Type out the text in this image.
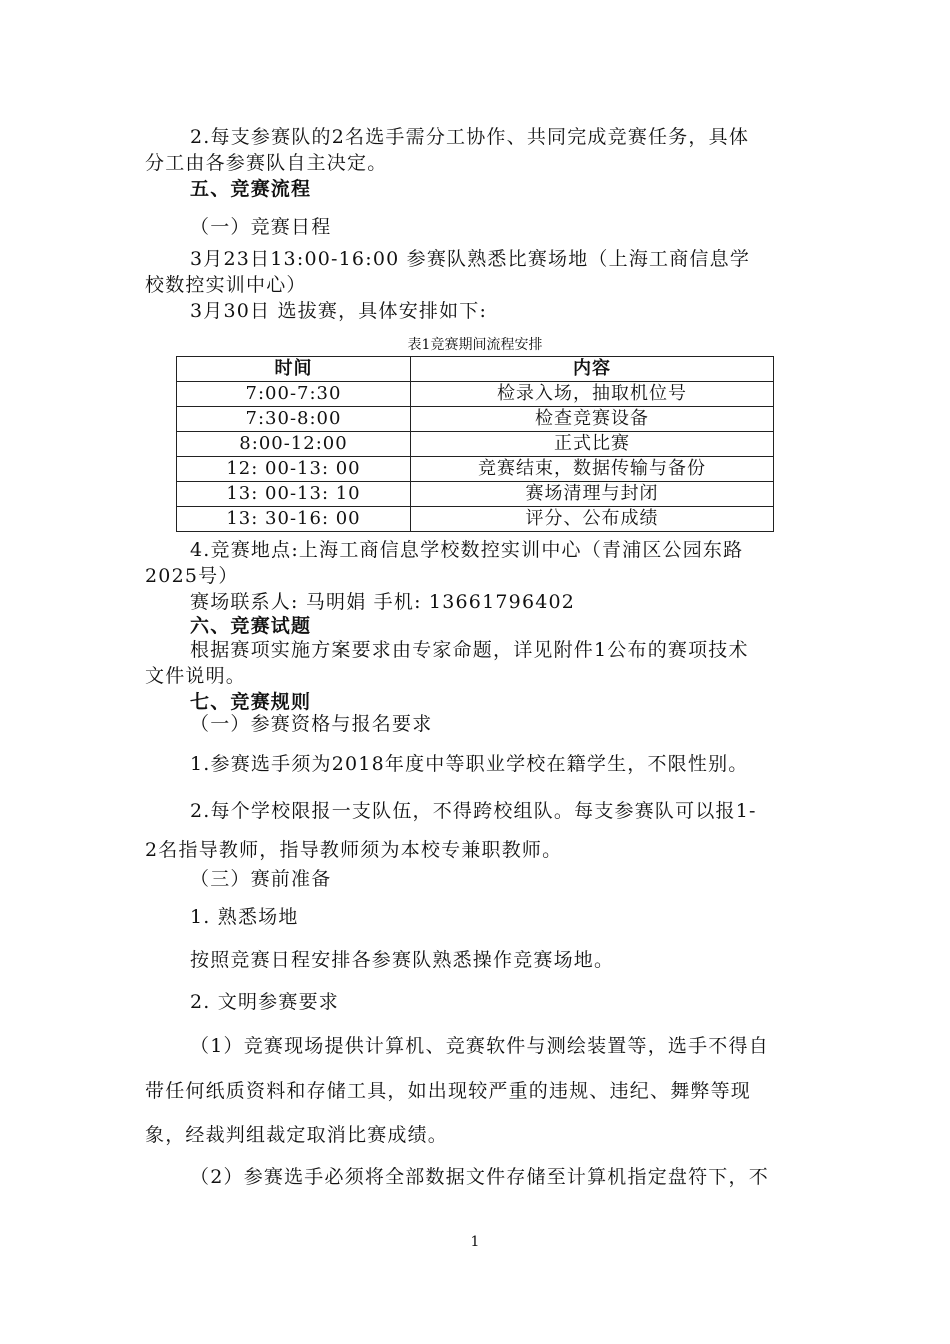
2.每支参赛队的2名选手需分工协作、共同完成竞赛任务，具体
分工由各参赛队自主决定。
五、竞赛流程
（一）竞赛日程
3月23日13:00-16:00 参赛队熟悉比赛场地（上海工商信息学
校数控实训中心）
3月30日 选拔赛，具体安排如下:
表1竞赛期间流程安排
时间	内容
7:00-7:30	检录入场，抽取机位号
7:30-8:00	检查竞赛设备
8:00-12:00	正式比赛
12: 00-13: 00	竞赛结束，数据传输与备份
13: 00-13: 10	赛场清理与封闭
13: 30-16: 00	评分、公布成绩
4.竞赛地点:上海工商信息学校数控实训中心（青浦区公园东路
2025号）
赛场联系人: 马明娟 手机: 13661796402
六、竞赛试题
根据赛项实施方案要求由专家命题，详见附件1公布的赛项技术
文件说明。
七、竞赛规则
（一）参赛资格与报名要求
1.参赛选手须为2018年度中等职业学校在籍学生，不限性别。
2.每个学校限报一支队伍，不得跨校组队。每支参赛队可以报1-
2名指导教师，指导教师须为本校专兼职教师。
（三）赛前准备
1. 熟悉场地
按照竞赛日程安排各参赛队熟悉操作竞赛场地。
2. 文明参赛要求
（1）竞赛现场提供计算机、竞赛软件与测绘装置等，选手不得自
带任何纸质资料和存储工具，如出现较严重的违规、违纪、舞弊等现
象，经裁判组裁定取消比赛成绩。
（2）参赛选手必须将全部数据文件存储至计算机指定盘符下，不
1
